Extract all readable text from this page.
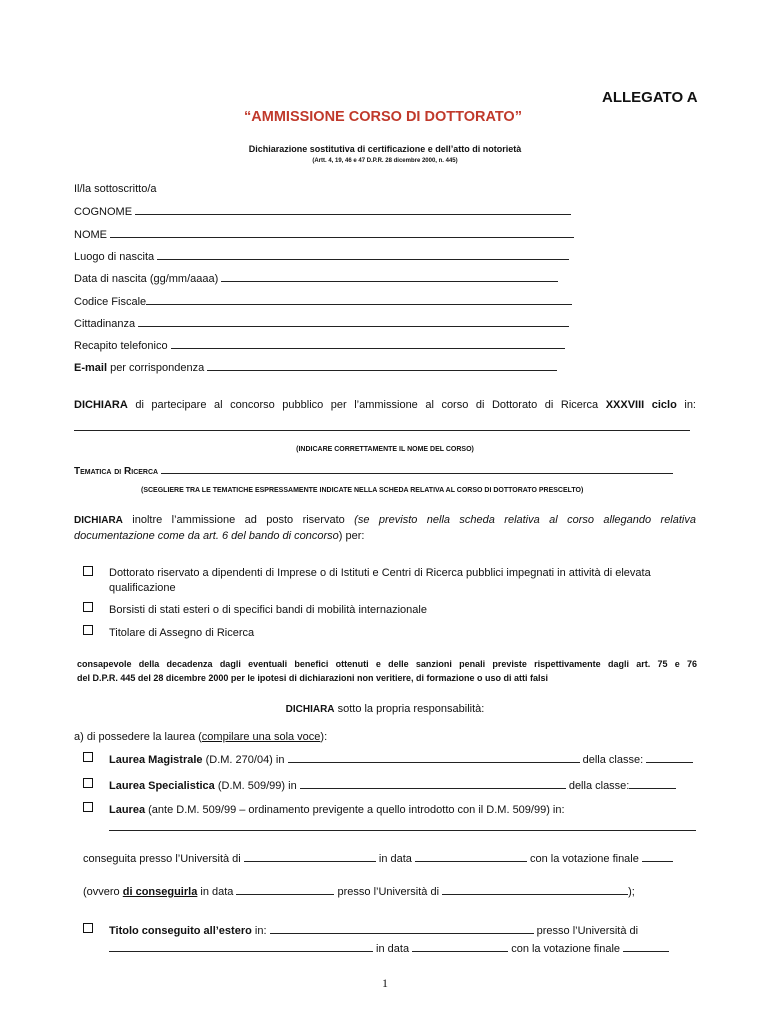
ALLEGATO A
“AMMISSIONE CORSO DI DOTTORATO”
Dichiarazione sostitutiva di certificazione e dell’atto di notorietà
(Artt. 4, 19, 46 e 47 D.P.R. 28 dicembre 2000, n. 445)
Il/la sottoscritto/a
COGNOME
NOME
Luogo di nascita
Data di nascita (gg/mm/aaaa)
Codice Fiscale
Cittadinanza
Recapito telefonico
E-mail per corrispondenza
DICHIARA di partecipare al concorso pubblico per l’ammissione al corso di Dottorato di Ricerca XXXVIII ciclo in:
(INDICARE CORRETTAMENTE IL NOME DEL CORSO)
Tematica di Ricerca
(SCEGLIERE TRA LE TEMATICHE ESPRESSAMENTE INDICATE NELLA SCHEDA RELATIVA AL CORSO DI DOTTORATO PRESCELTO)
DICHIARA inoltre l’ammissione ad posto riservato (se previsto nella scheda relativa al corso allegando relativa
documentazione come da art. 6 del bando di concorso) per:
Dottorato riservato a dipendenti di Imprese o di Istituti e Centri di Ricerca pubblici impegnati in attività di elevata
qualificazione
Borsisti di stati esteri o di specifici bandi di mobilità internazionale
Titolare di Assegno di Ricerca
consapevole della decadenza dagli eventuali benefici ottenuti e delle sanzioni penali previste rispettivamente dagli art. 75 e 76
del D.P.R. 445 del 28 dicembre 2000 per le ipotesi di dichiarazioni non veritiere, di formazione o uso di atti falsi
DICHIARA sotto la propria responsabilità:
a) di possedere la laurea (compilare una sola voce):
Laurea Magistrale (D.M. 270/04) in	della classe:
Laurea Specialistica (D.M. 509/99) in	della classe:
Laurea (ante D.M. 509/99 – ordinamento previgente a quello introdotto con il D.M. 509/99) in:
conseguita presso l’Università di	in data	con la votazione finale
(ovvero di conseguirla in data	presso l’Università di	);
Titolo conseguito all’estero in:	presso l’Università di
in data	con la votazione finale
1
